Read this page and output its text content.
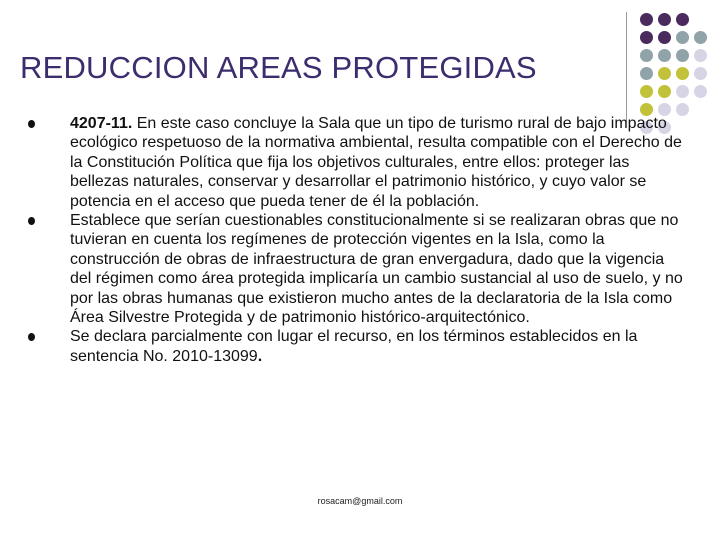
REDUCCION AREAS PROTEGIDAS
4207-11. En este caso concluye la Sala que un tipo de turismo rural de bajo impacto ecológico respetuoso de la normativa ambiental, resulta compatible con el Derecho de la Constitución Política que fija los objetivos culturales, entre ellos: proteger las bellezas naturales, conservar y desarrollar el patrimonio histórico, y cuyo valor se potencia en el acceso que pueda tener de él la población.
Establece que serían cuestionables constitucionalmente si se realizaran obras que no tuvieran en cuenta los regímenes de protección vigentes en la Isla, como la construcción de obras de infraestructura de gran envergadura, dado que la vigencia del régimen como área protegida implicaría un cambio sustancial al uso de suelo, y no por las obras humanas que existieron mucho antes de la declaratoria de la Isla como Área Silvestre Protegida y de patrimonio histórico-arquitectónico.
Se declara parcialmente con lugar el recurso, en los términos establecidos en la sentencia No. 2010-13099.
rosacam@gmail.com
